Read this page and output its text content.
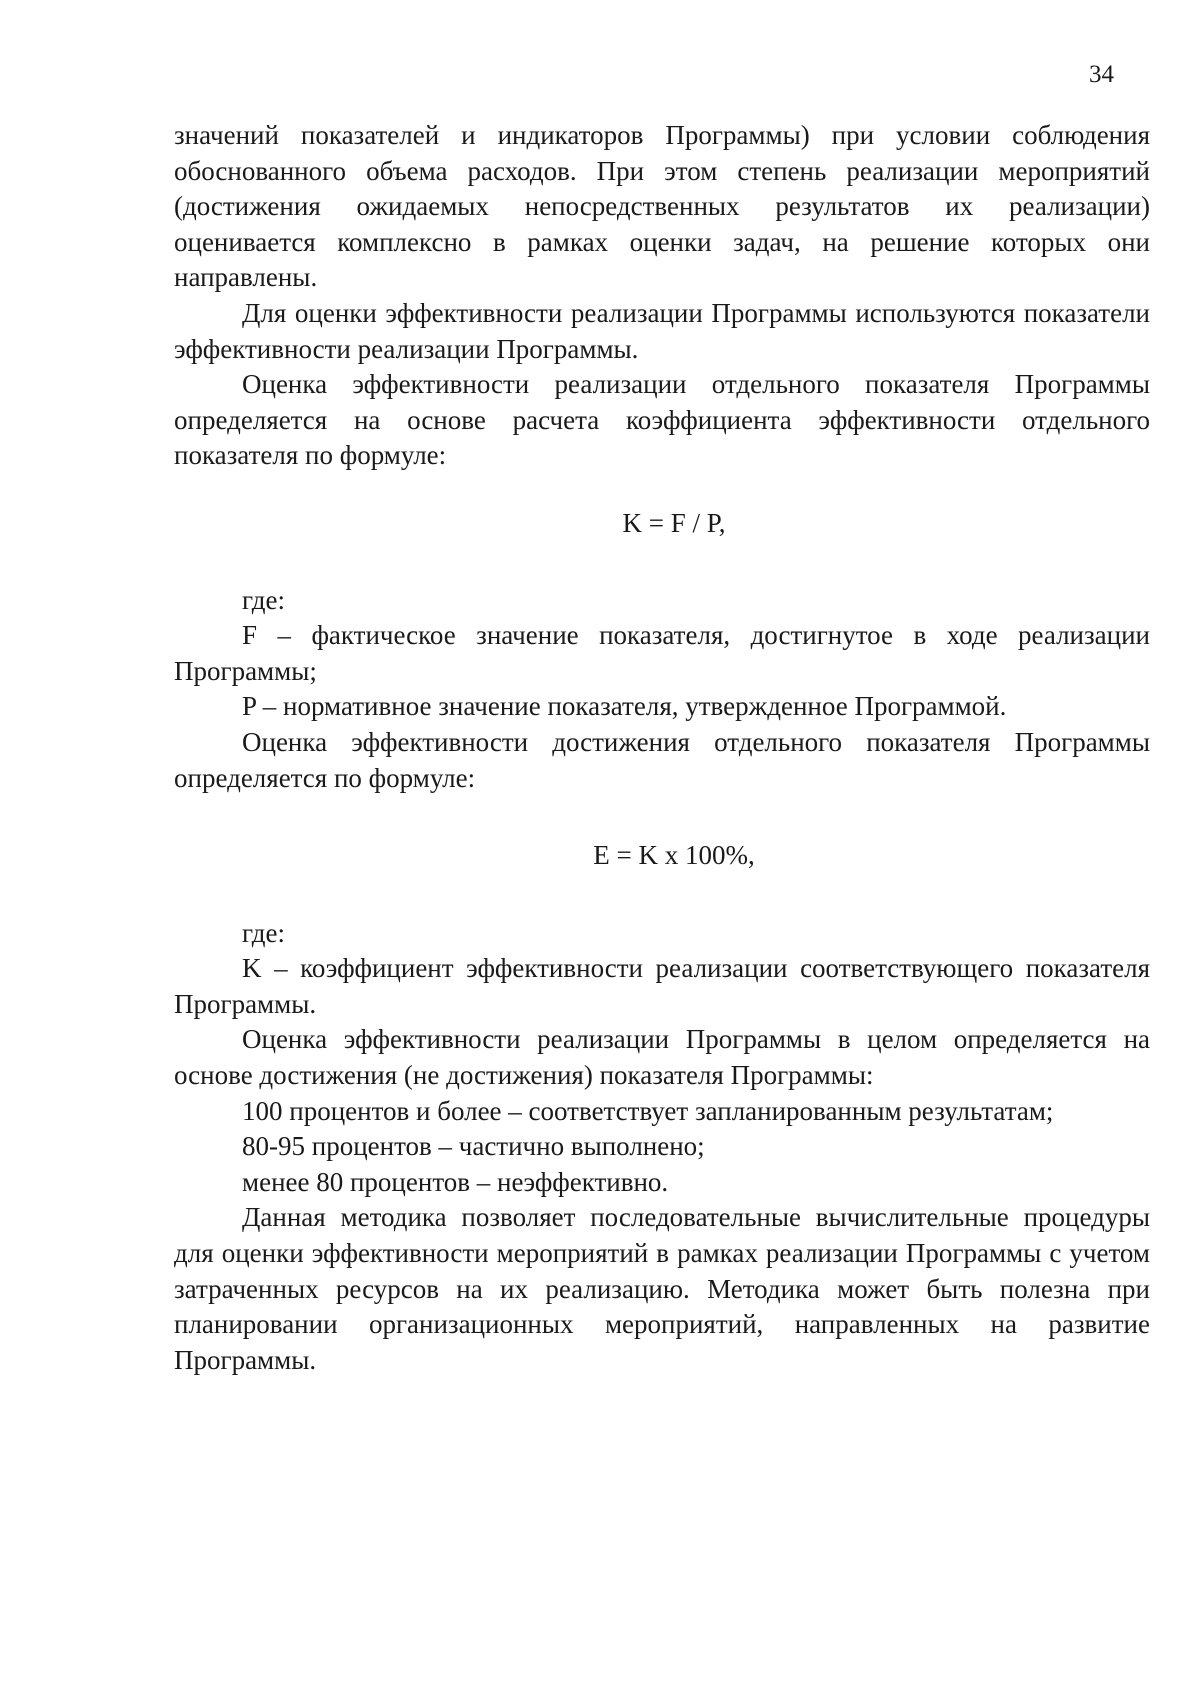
34

значений показателей и индикаторов Программы) при условии соблюдения обоснованного объема расходов. При этом степень реализации мероприятий (достижения ожидаемых непосредственных результатов их реализации) оценивается комплексно в рамках оценки задач, на решение которых они направлены.

Для оценки эффективности реализации Программы используются показатели эффективности реализации Программы.

Оценка эффективности реализации отдельного показателя Программы определяется на основе расчета коэффициента эффективности отдельного показателя по формуле:

K = F / P,

где:

F – фактическое значение показателя, достигнутое в ходе реализации Программы;

P – нормативное значение показателя, утвержденное Программой.

Оценка эффективности достижения отдельного показателя Программы определяется по формуле:

E = K x 100%,

где:

K – коэффициент эффективности реализации соответствующего показателя Программы.

Оценка эффективности реализации Программы в целом определяется на основе достижения (не достижения) показателя Программы:

100 процентов и более – соответствует запланированным результатам;

80-95 процентов – частично выполнено;

менее 80 процентов – неэффективно.

Данная методика позволяет последовательные вычислительные процедуры для оценки эффективности мероприятий в рамках реализации Программы с учетом затраченных ресурсов на их реализацию. Методика может быть полезна при планировании организационных мероприятий, направленных на развитие Программы.
